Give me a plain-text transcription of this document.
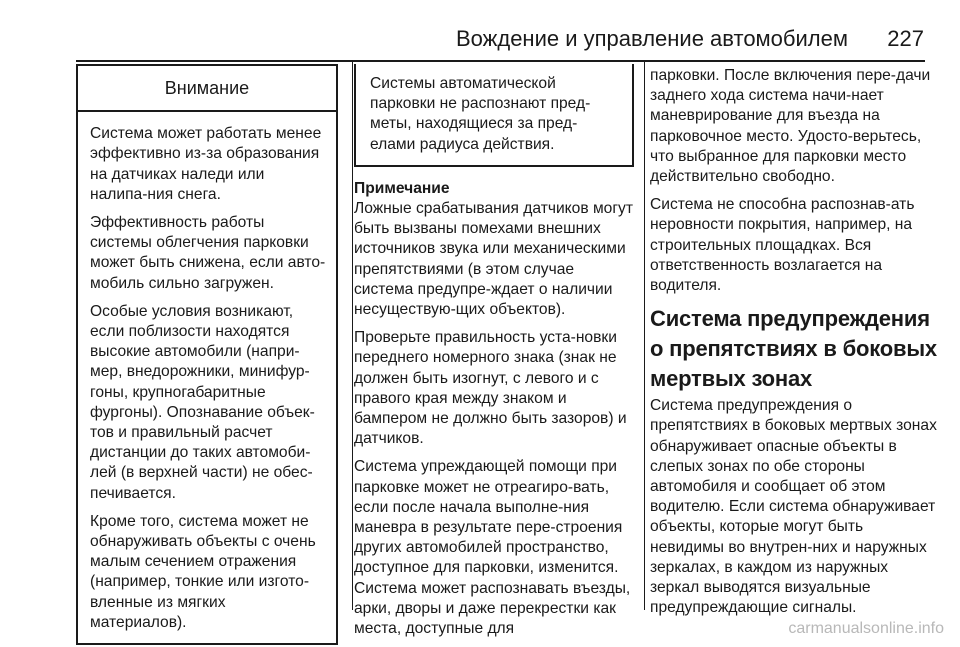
Вождение и управление автомобилем 227
Внимание

Система может работать менее эффективно из-за образования на датчиках наледи или налипа-ния снега.

Эффективность работы системы облегчения парковки может быть снижена, если авто-мобиль сильно загружен.

Особые условия возникают, если поблизости находятся высокие автомобили (напри-мер, внедорожники, минифур-гоны, крупногабаритные фургоны). Опознавание объек-тов и правильный расчет дистанции до таких автомоби-лей (в верхней части) не обес-печивается.

Кроме того, система может не обнаруживать объекты с очень малым сечением отражения (например, тонкие или изгото-вленные из мягких материалов).

Системы автоматической парковки не распознают пред-меты, находящиеся за пред-елами радиуса действия.
Примечание

Ложные срабатывания датчиков могут быть вызваны помехами внешних источников звука или механическими препятствиями (в этом случае система предупре-ждает о наличии несуществую-щих объектов).

Проверьте правильность уста-новки переднего номерного знака (знак не должен быть изогнут, с левого и с правого края между знаком и бампером не должно быть зазоров) и датчиков.

Система упреждающей помощи при парковке может не отреагиро-вать, если после начала выполне-ния маневра в результате пере-строения других автомобилей пространство, доступное для парковки, изменится. Система может распознавать въезды, арки, дворы и даже перекрестки как места, доступные для

парковки. После включения пере-дачи заднего хода система начи-нает маневрирование для въезда на парковочное место. Удосто-верьтесь, что выбранное для парковки место действительно свободно.

Система не способна распознав-ать неровности покрытия, например, на строительных площадках. Вся ответственность возлагается на водителя.

Система предупреждения о препятствиях в боковых мертвых зонах

Система предупреждения о препятствиях в боковых мертвых зонах обнаруживает опасные объекты в слепых зонах по обе стороны автомобиля и сообщает об этом водителю. Если система обнаруживает объекты, которые могут быть невидимы во внутрен-них и наружных зеркалах, в каждом из наружных зеркал выводятся визуальные предупреждающие сигналы.

carmanualsonline.info
